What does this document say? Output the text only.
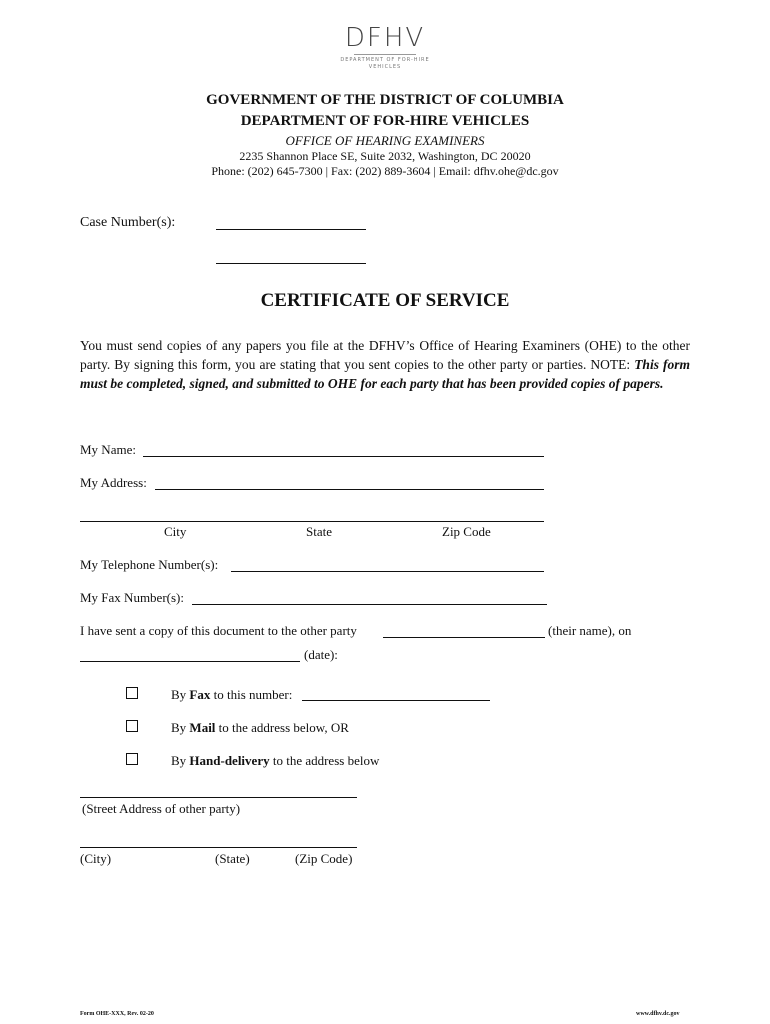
DFHV
DEPARTMENT OF FOR-HIRE VEHICLES
GOVERNMENT OF THE DISTRICT OF COLUMBIA
DEPARTMENT OF FOR-HIRE VEHICLES
OFFICE OF HEARING EXAMINERS
2235 Shannon Place SE, Suite 2032, Washington, DC 20020
Phone: (202) 645-7300 | Fax: (202) 889-3604 | Email: dfhv.ohe@dc.gov
Case Number(s):
CERTIFICATE OF SERVICE
You must send copies of any papers you file at the DFHV’s Office of Hearing Examiners (OHE) to the other party. By signing this form, you are stating that you sent copies to the other party or parties. NOTE: This form must be completed, signed, and submitted to OHE for each party that has been provided copies of papers.
My Name:
My Address:
City	State	Zip Code
My Telephone Number(s):
My Fax Number(s):
I have sent a copy of this document to the other party	(their name), on
(date):
By Fax to this number:
By Mail to the address below, OR
By Hand-delivery to the address below
(Street Address of other party)
(City)	(State)	(Zip Code)
Form OHE-XXX, Rev. 02-20	www.dfhv.dc.gov
